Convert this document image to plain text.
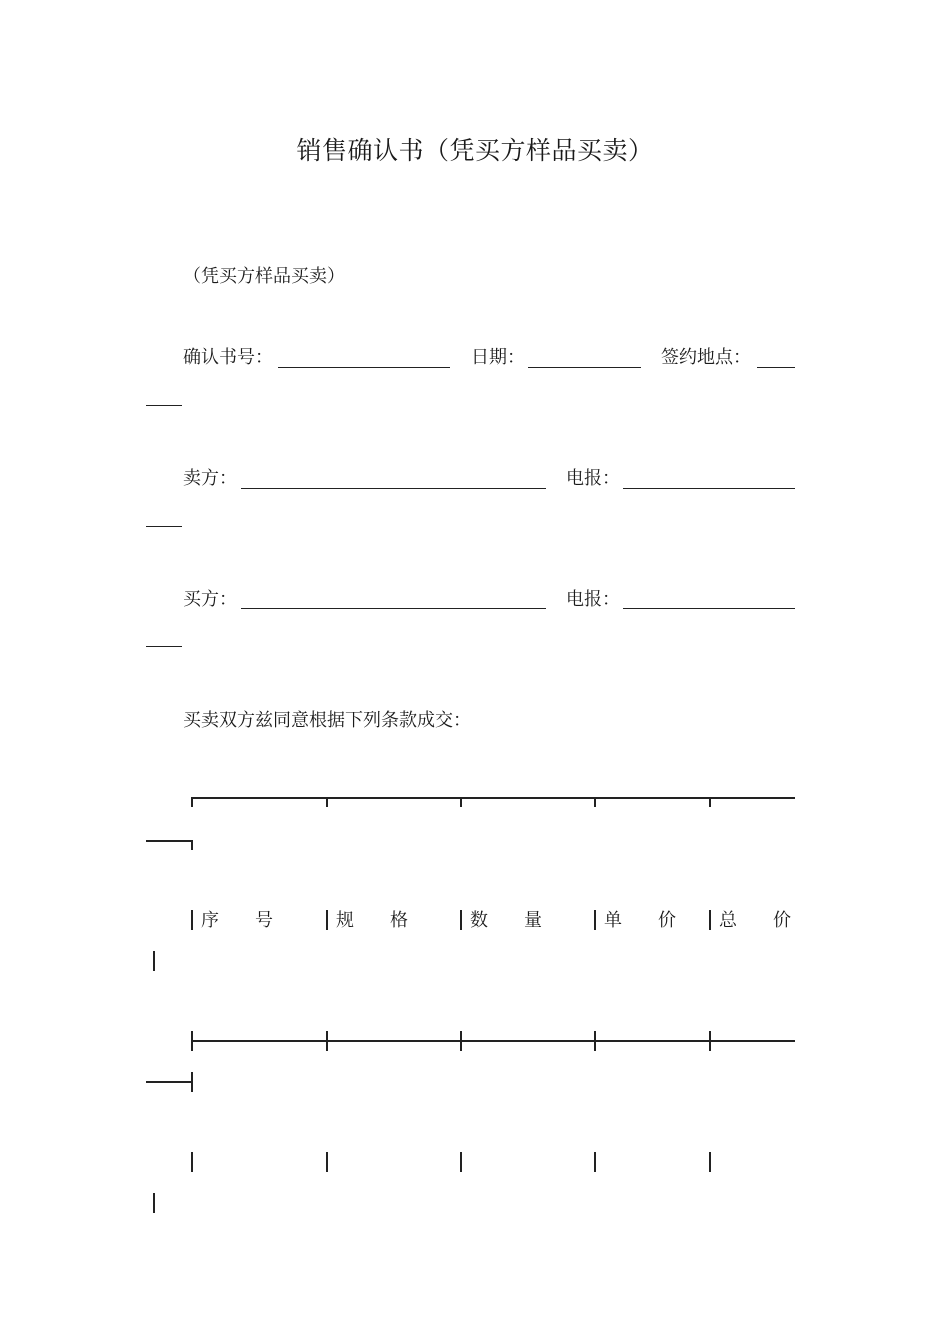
销售确认书（凭买方样品买卖）
（凭买方样品买卖）
确认书号：	日期：	签约地点：
卖方：	电报：
买方：	电报：
买卖双方兹同意根据下列条款成交：
序　　号	规　　格	数　　量	单　　价 总　　价
